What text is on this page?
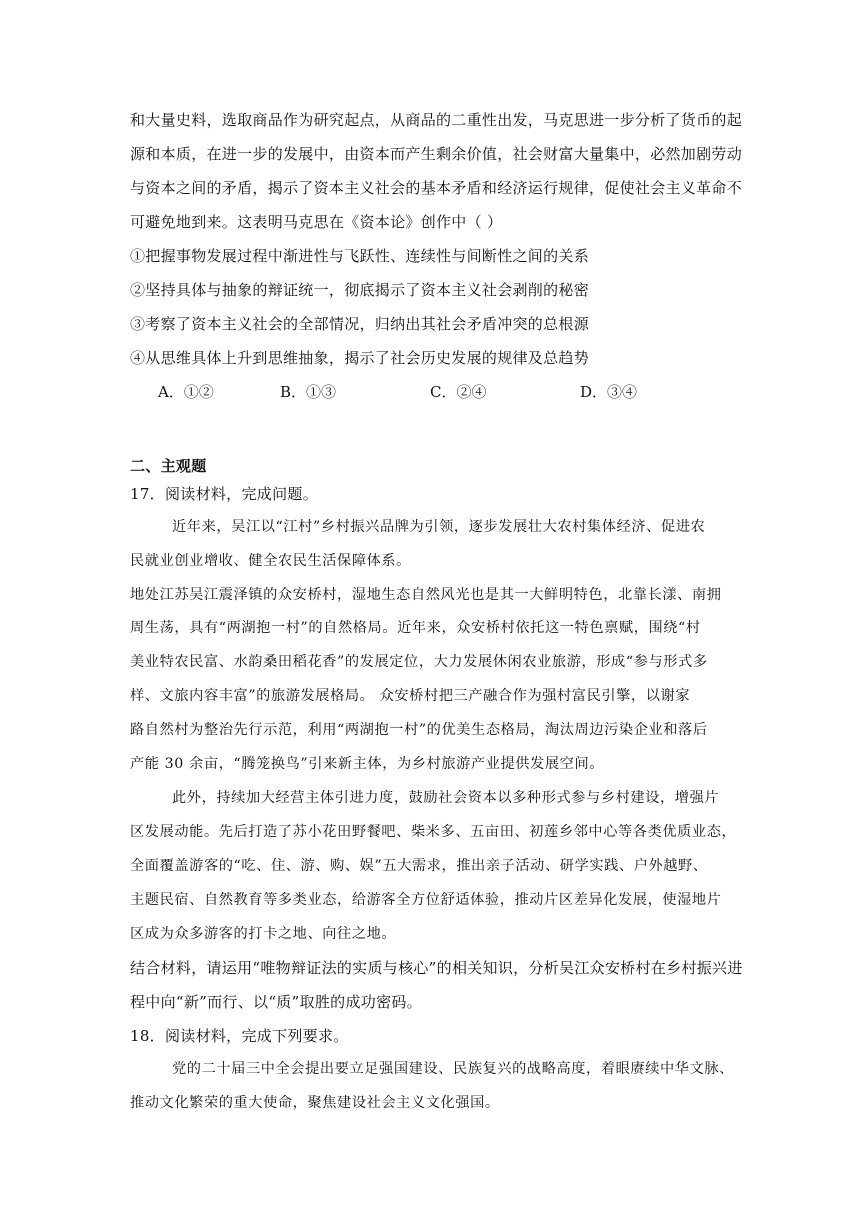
和大量史料，选取商品作为研究起点，从商品的二重性出发，马克思进一步分析了货币的起
源和本质，在进一步的发展中，由资本而产生剩余价值，社会财富大量集中，必然加剧劳动
与资本之间的矛盾，揭示了资本主义社会的基本矛盾和经济运行规律，促使社会主义革命不
可避免地到来。这表明马克思在《资本论》创作中（ ）
①把握事物发展过程中渐进性与飞跃性、连续性与间断性之间的关系
②坚持具体与抽象的辩证统一，彻底揭示了资本主义社会剥削的秘密
③考察了资本主义社会的全部情况，归纳出其社会矛盾冲突的总根源
④从思维具体上升到思维抽象，揭示了社会历史发展的规律及总趋势
A．①②	B．①③	C．②④	D．③④
二、主观题
17．阅读材料，完成问题。
近年来，吴江以“江村”乡村振兴品牌为引领，逐步发展壮大农村集体经济、促进农
民就业创业增收、健全农民生活保障体系。
地处江苏吴江震泽镇的众安桥村，湿地生态自然风光也是其一大鲜明特色，北靠长漾、南拥
周生荡，具有“两湖抱一村”的自然格局。近年来，众安桥村依托这一特色禀赋，围绕“村
美业特农民富、水韵桑田稻花香”的发展定位，大力发展休闲农业旅游，形成“参与形式多
样、文旅内容丰富”的旅游发展格局。 众安桥村把三产融合作为强村富民引擎，以谢家
路自然村为整治先行示范，利用“两湖抱一村”的优美生态格局，淘汰周边污染企业和落后
产能 30 余亩，“腾笼换鸟”引来新主体，为乡村旅游产业提供发展空间。
此外，持续加大经营主体引进力度，鼓励社会资本以多种形式参与乡村建设，增强片
区发展动能。先后打造了苏小花田野餐吧、柴米多、五亩田、初莲乡邻中心等各类优质业态，
全面覆盖游客的“吃、住、游、购、娱”五大需求，推出亲子活动、研学实践、户外越野、
主题民宿、自然教育等多类业态，给游客全方位舒适体验，推动片区差异化发展，使湿地片
区成为众多游客的打卡之地、向往之地。
结合材料，请运用“唯物辩证法的实质与核心”的相关知识，分析吴江众安桥村在乡村振兴进
程中向“新”而行、以“质”取胜的成功密码。
18．阅读材料，完成下列要求。
党的二十届三中全会提出要立足强国建设、民族复兴的战略高度，着眼赓续中华文脉、
推动文化繁荣的重大使命，聚焦建设社会主义文化强国。
